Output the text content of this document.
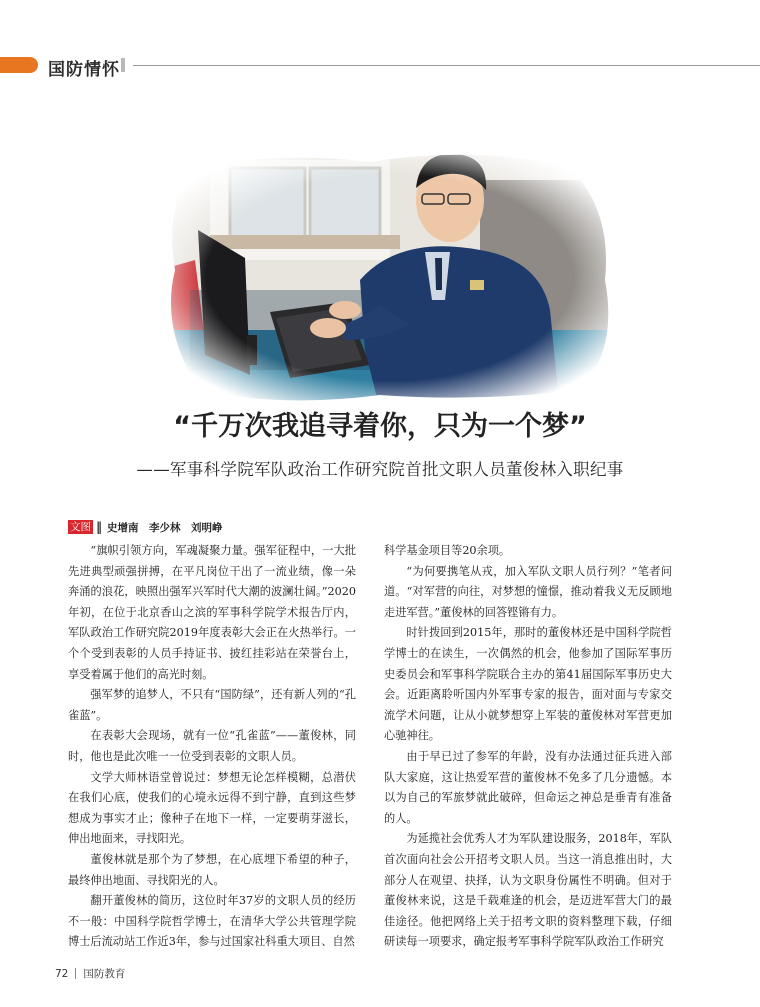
国防情怀
“千万次我追寻着你，只为一个梦”
——军事科学院军队政治工作研究院首批文职人员董俊林入职纪事
文图 ‖ 史增南　李少林　刘明峥

“旗帜引领方向，军魂凝聚力量。强军征程中，一大批先进典型顽强拼搏，在平凡岗位干出了一流业绩，像一朵奔涌的浪花，映照出强军兴军时代大潮的波澜壮阔。”2020年初，在位于北京香山之滨的军事科学院学术报告厅内，军队政治工作研究院2019年度表彰大会正在火热举行。一个个受到表彰的人员手持证书、披红挂彩站在荣誉台上，享受着属于他们的高光时刻。

强军梦的追梦人，不只有“国防绿”，还有新人列的“孔雀蓝”。

在表彰大会现场，就有一位“孔雀蓝”——董俊林，同时，他也是此次唯一一位受到表彰的文职人员。

文学大师林语堂曾说过：梦想无论怎样模糊，总潜伏在我们心底，使我们的心境永远得不到宁静，直到这些梦想成为事实才止；像种子在地下一样，一定要萌芽滋长，伸出地面来，寻找阳光。

董俊林就是那个为了梦想，在心底埋下希望的种子，最终伸出地面、寻找阳光的人。

翻开董俊林的简历，这位时年37岁的文职人员的经历不一般：中国科学院哲学博士，在清华大学公共管理学院博士后流动站工作近3年，参与过国家社科重大项目、自然

科学基金项目等20余项。

“为何要携笔从戎，加入军队文职人员行列？”笔者问道。“对军营的向往，对梦想的憧憬，推动着我义无反顾地走进军营。”董俊林的回答铿锵有力。

时针拨回到2015年，那时的董俊林还是中国科学院哲学博士的在读生，一次偶然的机会，他参加了国际军事历史委员会和军事科学院联合主办的第41届国际军事历史大会。近距离聆听国内外军事专家的报告，面对面与专家交流学术问题，让从小就梦想穿上军装的董俊林对军营更加心驰神往。

由于早已过了参军的年龄，没有办法通过征兵进入部队大家庭，这让热爱军营的董俊林不免多了几分遗憾。本以为自己的军旅梦就此破碎，但命运之神总是垂青有准备的人。

为延揽社会优秀人才为军队建设服务，2018年，军队首次面向社会公开招考文职人员。当这一消息推出时，大部分人在观望、抉择，认为文职身份属性不明确。但对于董俊林来说，这是千载难逢的机会，是迈进军营大门的最佳途径。他把网络上关于招考文职的资料整理下载，仔细研读每一项要求，确定报考军事科学院军队政治工作研究

72 国防教育
